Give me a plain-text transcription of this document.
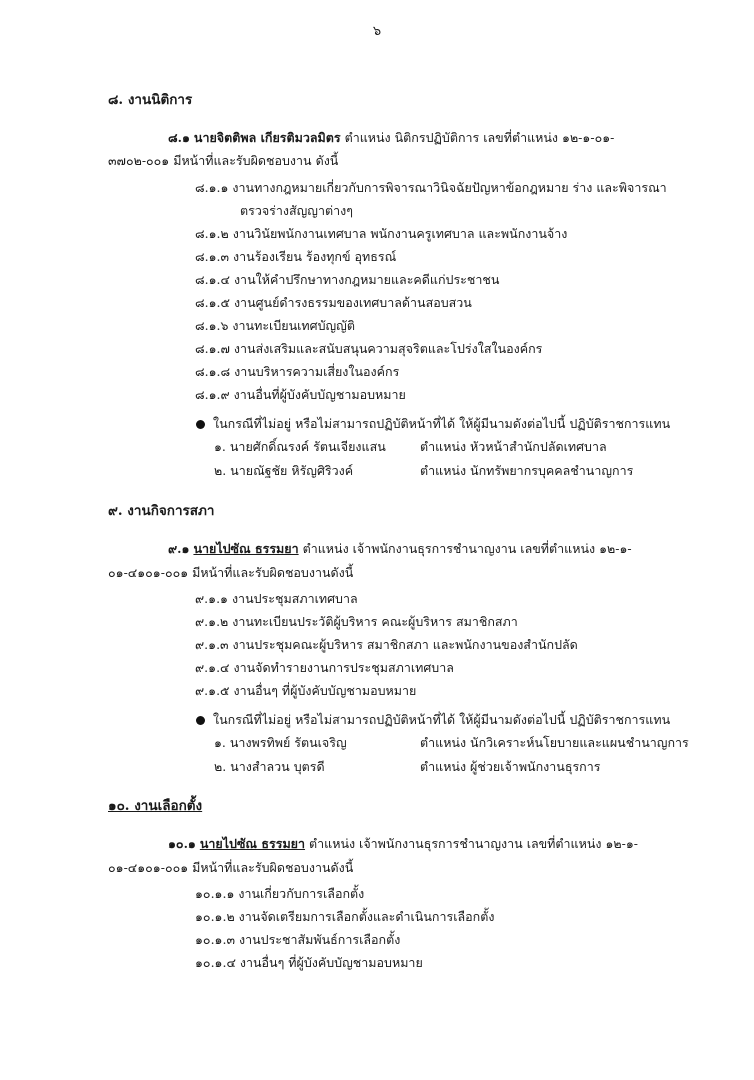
๖
๘. งานนิติการ
๘.๑ นายจิตติพล เกียรติมวลมิตร ตำแหน่ง นิติกรปฏิบัติการ เลขที่ตำแหน่ง ๑๒-๑-๐๑-
๓๗๐๒-๐๐๑ มีหน้าที่และรับผิดชอบงาน ดังนี้
๘.๑.๑ งานทางกฎหมายเกี่ยวกับการพิจารณาวินิจฉัยปัญหาข้อกฎหมาย ร่าง และพิจารณา
ตรวจร่างสัญญาต่างๆ
๘.๑.๒ งานวินัยพนักงานเทศบาล พนักงานครูเทศบาล และพนักงานจ้าง
๘.๑.๓ งานร้องเรียน ร้องทุกข์ อุทธรณ์
๘.๑.๔ งานให้คำปรึกษาทางกฎหมายและคดีแก่ประชาชน
๘.๑.๕ งานศูนย์ดำรงธรรมของเทศบาลด้านสอบสวน
๘.๑.๖ งานทะเบียนเทศบัญญัติ
๘.๑.๗ งานส่งเสริมและสนับสนุนความสุจริตและโปร่งใสในองค์กร
๘.๑.๘ งานบริหารความเสี่ยงในองค์กร
๘.๑.๙ งานอื่นที่ผู้บังคับบัญชามอบหมาย
ในกรณีที่ไม่อยู่ หรือไม่สามารถปฏิบัติหน้าที่ได้ ให้ผู้มีนามดังต่อไปนี้ ปฏิบัติราชการแทน
๑. นายศักดิ์ณรงค์ รัตนเจียงแสน	ตำแหน่ง หัวหน้าสำนักปลัดเทศบาล
๒. นายณัฐชัย หิรัญศิริวงค์	ตำแหน่ง นักทรัพยากรบุคคลชำนาญการ
๙. งานกิจการสภา
๙.๑ นายไปซัณ ธรรมยา ตำแหน่ง เจ้าพนักงานธุรการชำนาญงาน เลขที่ตำแหน่ง ๑๒-๑-
๐๑-๔๑๐๑-๐๐๑ มีหน้าที่และรับผิดชอบงานดังนี้
๙.๑.๑ งานประชุมสภาเทศบาล
๙.๑.๒ งานทะเบียนประวัติผู้บริหาร คณะผู้บริหาร สมาชิกสภา
๙.๑.๓ งานประชุมคณะผู้บริหาร สมาชิกสภา และพนักงานของสำนักปลัด
๙.๑.๔ งานจัดทำรายงานการประชุมสภาเทศบาล
๙.๑.๕ งานอื่นๆ ที่ผู้บังคับบัญชามอบหมาย
ในกรณีที่ไม่อยู่ หรือไม่สามารถปฏิบัติหน้าที่ได้ ให้ผู้มีนามดังต่อไปนี้ ปฏิบัติราชการแทน
๑. นางพรทิพย์ รัตนเจริญ	ตำแหน่ง นักวิเคราะห์นโยบายและแผนชำนาญการ
๒. นางสำลวน บุตรดี	ตำแหน่ง ผู้ช่วยเจ้าพนักงานธุรการ
๑๐. งานเลือกตั้ง
๑๐.๑ นายไปซัณ ธรรมยา ตำแหน่ง เจ้าพนักงานธุรการชำนาญงาน เลขที่ตำแหน่ง ๑๒-๑-
๐๑-๔๑๐๑-๐๐๑ มีหน้าที่และรับผิดชอบงานดังนี้
๑๐.๑.๑ งานเกี่ยวกับการเลือกตั้ง
๑๐.๑.๒ งานจัดเตรียมการเลือกตั้งและดำเนินการเลือกตั้ง
๑๐.๑.๓ งานประชาสัมพันธ์การเลือกตั้ง
๑๐.๑.๔ งานอื่นๆ ที่ผู้บังคับบัญชามอบหมาย
